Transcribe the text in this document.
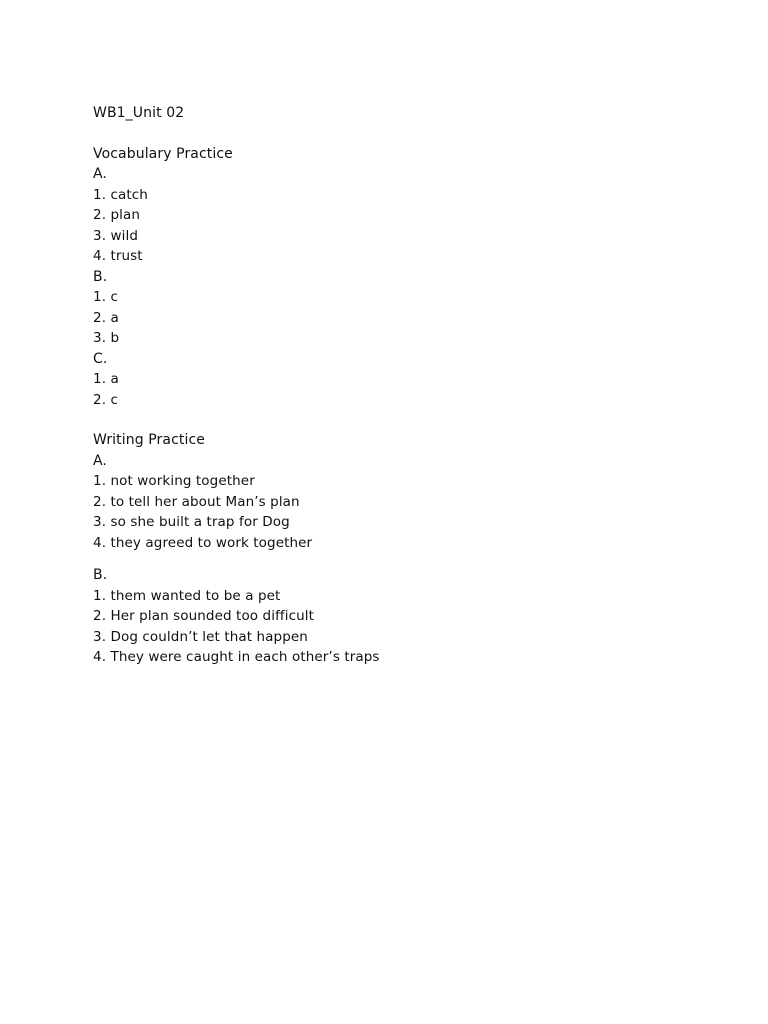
WB1_Unit 02
Vocabulary Practice
A.
1. catch
2. plan
3. wild
4. trust
B.
1. c
2. a
3. b
C.
1. a
2. c
Writing Practice
A.
1. not working together
2. to tell her about Man’s plan
3. so she built a trap for Dog
4. they agreed to work together
B.
1. them wanted to be a pet
2. Her plan sounded too difficult
3. Dog couldn’t let that happen
4. They were caught in each other’s traps
